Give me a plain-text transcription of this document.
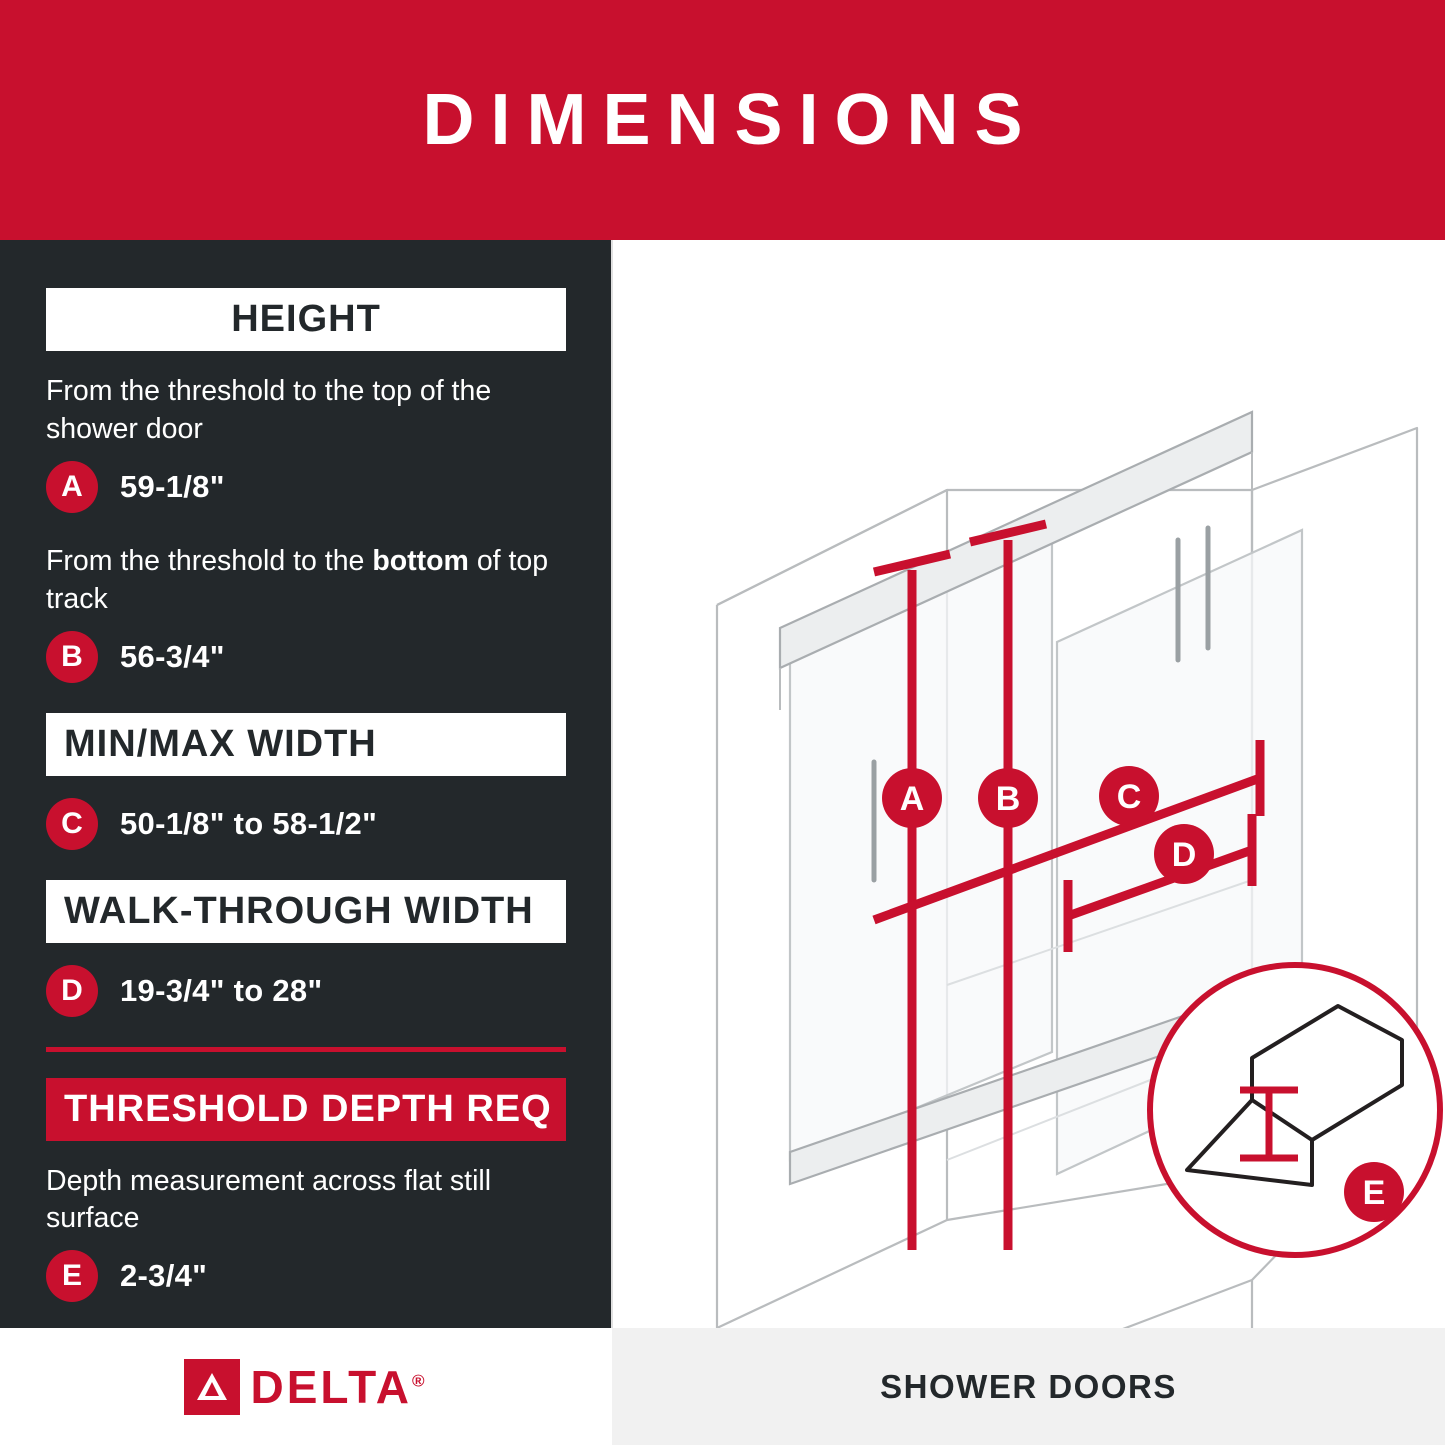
DIMENSIONS
HEIGHT

From the threshold to the top of the shower door

A	59-1/8"

From the threshold to the bottom of top track

B	56-3/4"
MIN/MAX WIDTH
C	50-1/8" to 58-1/2"
WALK-THROUGH WIDTH
D	19-3/4" to 28"
THRESHOLD DEPTH REQ

Depth measurement across flat still surface

E	2-3/4"
A B	C
D
E
DELTA®	SHOWER DOORS
